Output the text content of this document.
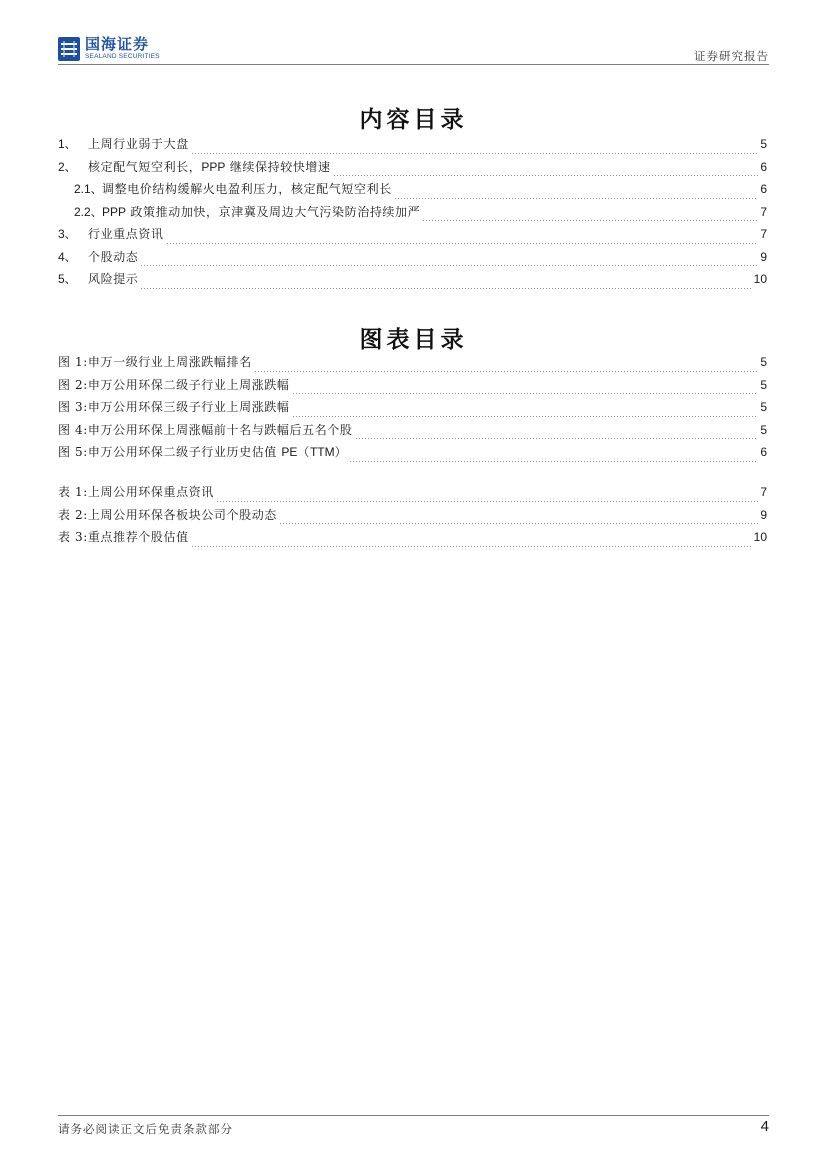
国海证券
SEALAND SECURITIES	证券研究报告
内容目录
1、 上周行业弱于大盘	5
2、 核定配气短空利长，PPP 继续保持较快增速	6
2.1、 调整电价结构缓解火电盈利压力，核定配气短空利长	6
2.2、 PPP 政策推动加快，京津冀及周边大气污染防治持续加严	7
3、 行业重点资讯	7
4、 个股动态	9
5、 风险提示	10
图表目录
图 1: 申万一级行业上周涨跌幅排名	5
图 2: 申万公用环保二级子行业上周涨跌幅	5
图 3: 申万公用环保三级子行业上周涨跌幅	5
图 4: 申万公用环保上周涨幅前十名与跌幅后五名个股	5
图 5: 申万公用环保二级子行业历史估值 PE（TTM）	6
表 1: 上周公用环保重点资讯	7
表 2: 上周公用环保各板块公司个股动态	9
表 3: 重点推荐个股估值	10
请务必阅读正文后免责条款部分	4
